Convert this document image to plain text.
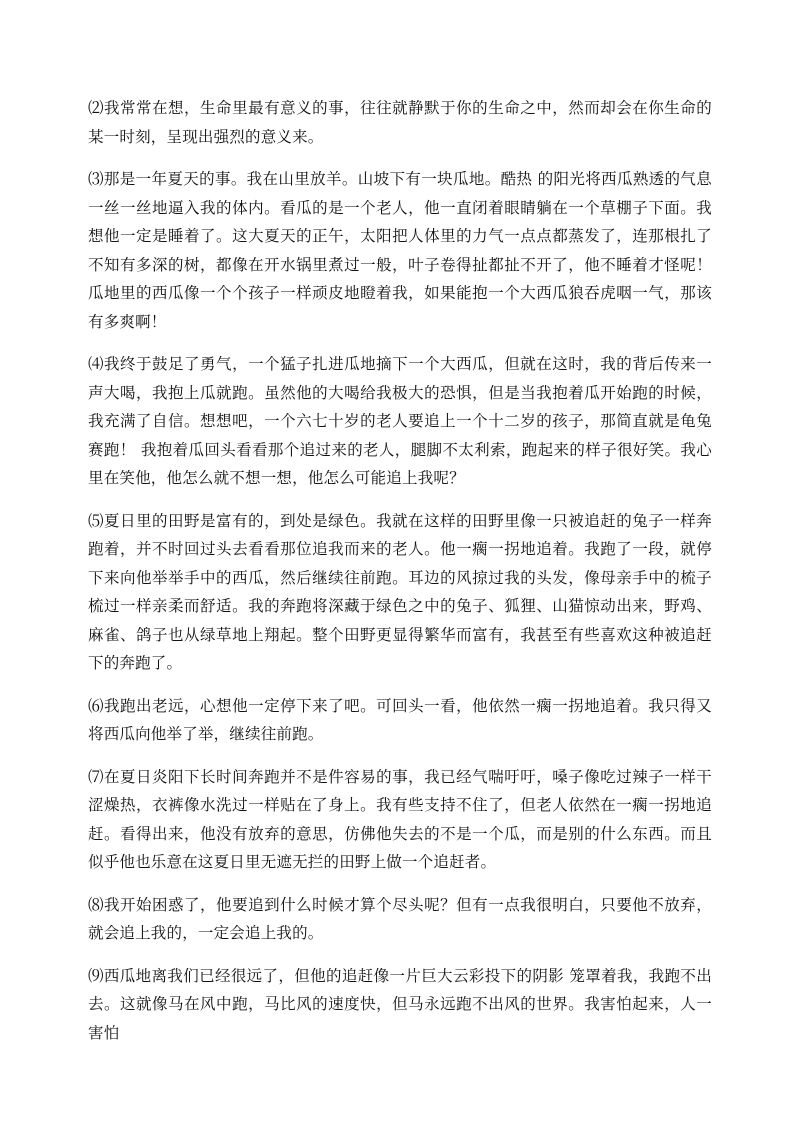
⑵我常常在想，生命里最有意义的事，往往就静默于你的生命之中，然而却会在你生命的某一时刻，呈现出强烈的意义来。

⑶那是一年夏天的事。我在山里放羊。山坡下有一块瓜地。酷热 的阳光将西瓜熟透的气息一丝一丝地逼入我的体内。看瓜的是一个老人，他一直闭着眼睛躺在一个草棚子下面。我想他一定是睡着了。这大夏天的正午，太阳把人体里的力气一点点都蒸发了，连那根扎了不知有多深的树，都像在开水锅里煮过一般，叶子卷得扯都扯不开了，他不睡着才怪呢！ 瓜地里的西瓜像一个个孩子一样顽皮地瞪着我，如果能抱一个大西瓜狼吞虎咽一气，那该有多爽啊！

⑷我终于鼓足了勇气，一个猛子扎进瓜地摘下一个大西瓜，但就在这时，我的背后传来一声大喝，我抱上瓜就跑。虽然他的大喝给我极大的恐惧，但是当我抱着瓜开始跑的时候，我充满了自信。想想吧，一个六七十岁的老人要追上一个十二岁的孩子，那简直就是龟兔赛跑！ 我抱着瓜回头看看那个追过来的老人，腿脚不太利索，跑起来的样子很好笑。我心里在笑他，他怎么就不想一想，他怎么可能追上我呢？

⑸夏日里的田野是富有的，到处是绿色。我就在这样的田野里像一只被追赶的兔子一样奔跑着，并不时回过头去看看那位追我而来的老人。他一瘸一拐地追着。我跑了一段，就停下来向他举举手中的西瓜，然后继续往前跑。耳边的风掠过我的头发，像母亲手中的梳子梳过一样亲柔而舒适。我的奔跑将深藏于绿色之中的兔子、狐狸、山猫惊动出来，野鸡、麻雀、鸽子也从绿草地上翔起。整个田野更显得繁华而富有，我甚至有些喜欢这种被追赶下的奔跑了。

⑹我跑出老远，心想他一定停下来了吧。可回头一看，他依然一瘸一拐地追着。我只得又将西瓜向他举了举，继续往前跑。

⑺在夏日炎阳下长时间奔跑并不是件容易的事，我已经气喘吁吁，嗓子像吃过辣子一样干涩燥热，衣裤像水洗过一样贴在了身上。我有些支持不住了，但老人依然在一瘸一拐地追赶。看得出来，他没有放弃的意思，仿佛他失去的不是一个瓜，而是别的什么东西。而且似乎他也乐意在这夏日里无遮无拦的田野上做一个追赶者。

⑻我开始困惑了，他要追到什么时候才算个尽头呢？但有一点我很明白，只要他不放弃，就会追上我的，一定会追上我的。

⑼西瓜地离我们已经很远了，但他的追赶像一片巨大云彩投下的阴影 笼罩着我，我跑不出去。这就像马在风中跑，马比风的速度快，但马永远跑不出风的世界。我害怕起来，人一害怕
